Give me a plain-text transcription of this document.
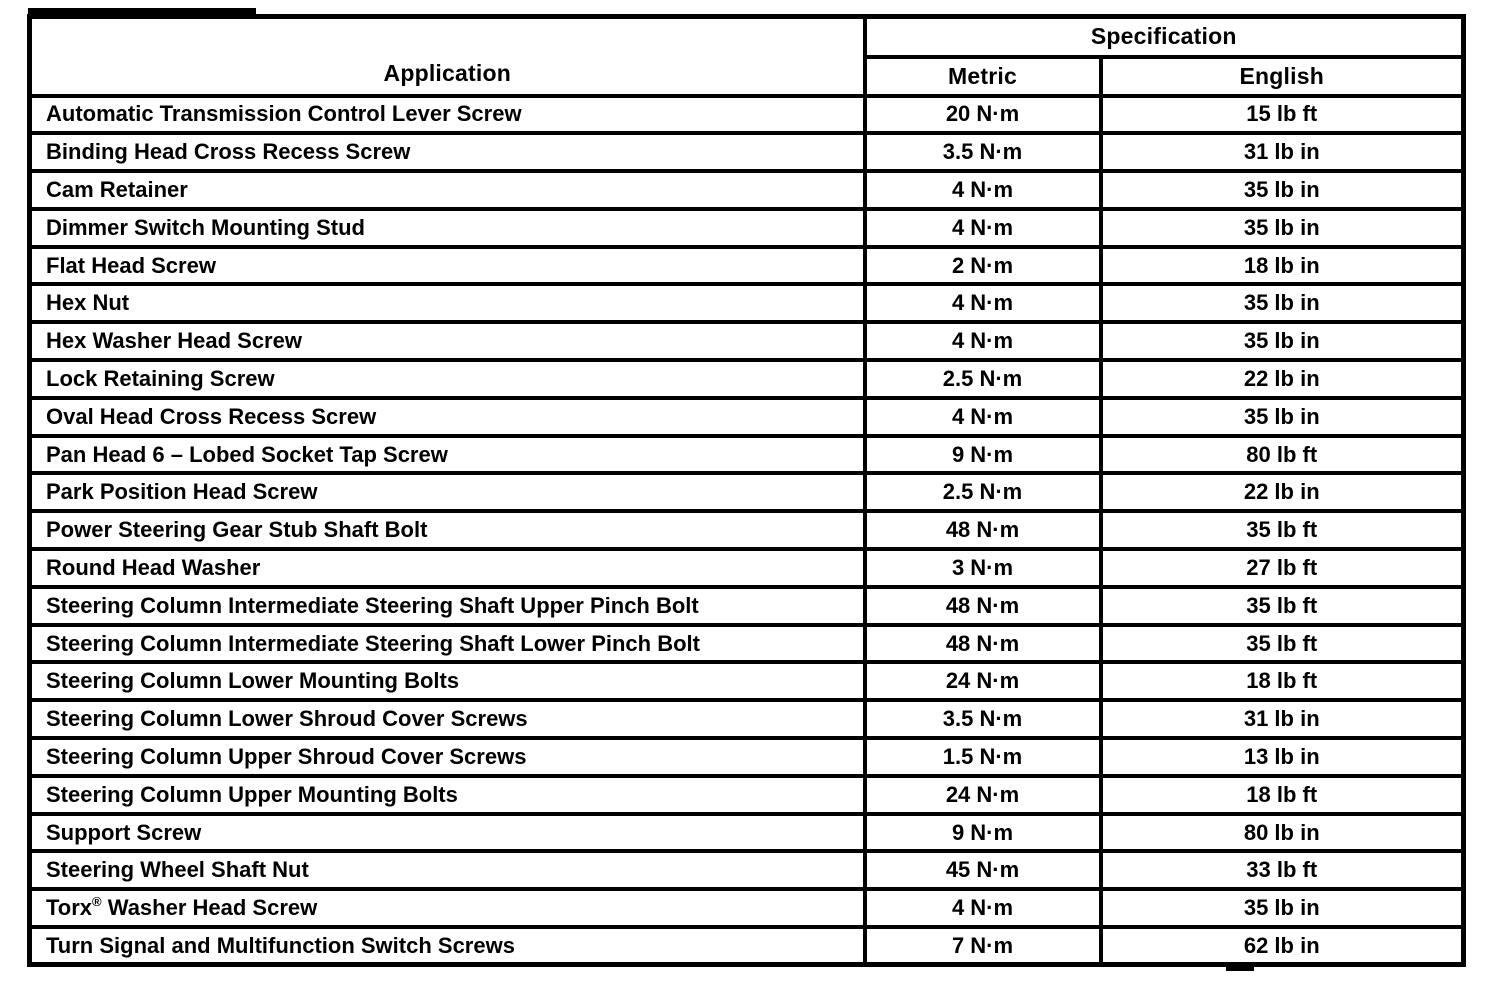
Application	Specification	
	Metric	English
Automatic Transmission Control Lever Screw	20 N·m	15 lb ft
Binding Head Cross Recess Screw	3.5 N·m	31 lb in
Cam Retainer	4 N·m	35 lb in
Dimmer Switch Mounting Stud	4 N·m	35 lb in
Flat Head Screw	2 N·m	18 lb in
Hex Nut	4 N·m	35 lb in
Hex Washer Head Screw	4 N·m	35 lb in
Lock Retaining Screw	2.5 N·m	22 lb in
Oval Head Cross Recess Screw	4 N·m	35 lb in
Pan Head 6 – Lobed Socket Tap Screw	9 N·m	80 lb ft
Park Position Head Screw	2.5 N·m	22 lb in
Power Steering Gear Stub Shaft Bolt	48 N·m	35 lb ft
Round Head Washer	3 N·m	27 lb ft
Steering Column Intermediate Steering Shaft Upper Pinch Bolt	48 N·m	35 lb ft
Steering Column Intermediate Steering Shaft Lower Pinch Bolt	48 N·m	35 lb ft
Steering Column Lower Mounting Bolts	24 N·m	18 lb ft
Steering Column Lower Shroud Cover Screws	3.5 N·m	31 lb in
Steering Column Upper Shroud Cover Screws	1.5 N·m	13 lb in
Steering Column Upper Mounting Bolts	24 N·m	18 lb ft
Support Screw	9 N·m	80 lb in
Steering Wheel Shaft Nut	45 N·m	33 lb ft
Torx® Washer Head Screw	4 N·m	35 lb in
Turn Signal and Multifunction Switch Screws	7 N·m	62 lb in
